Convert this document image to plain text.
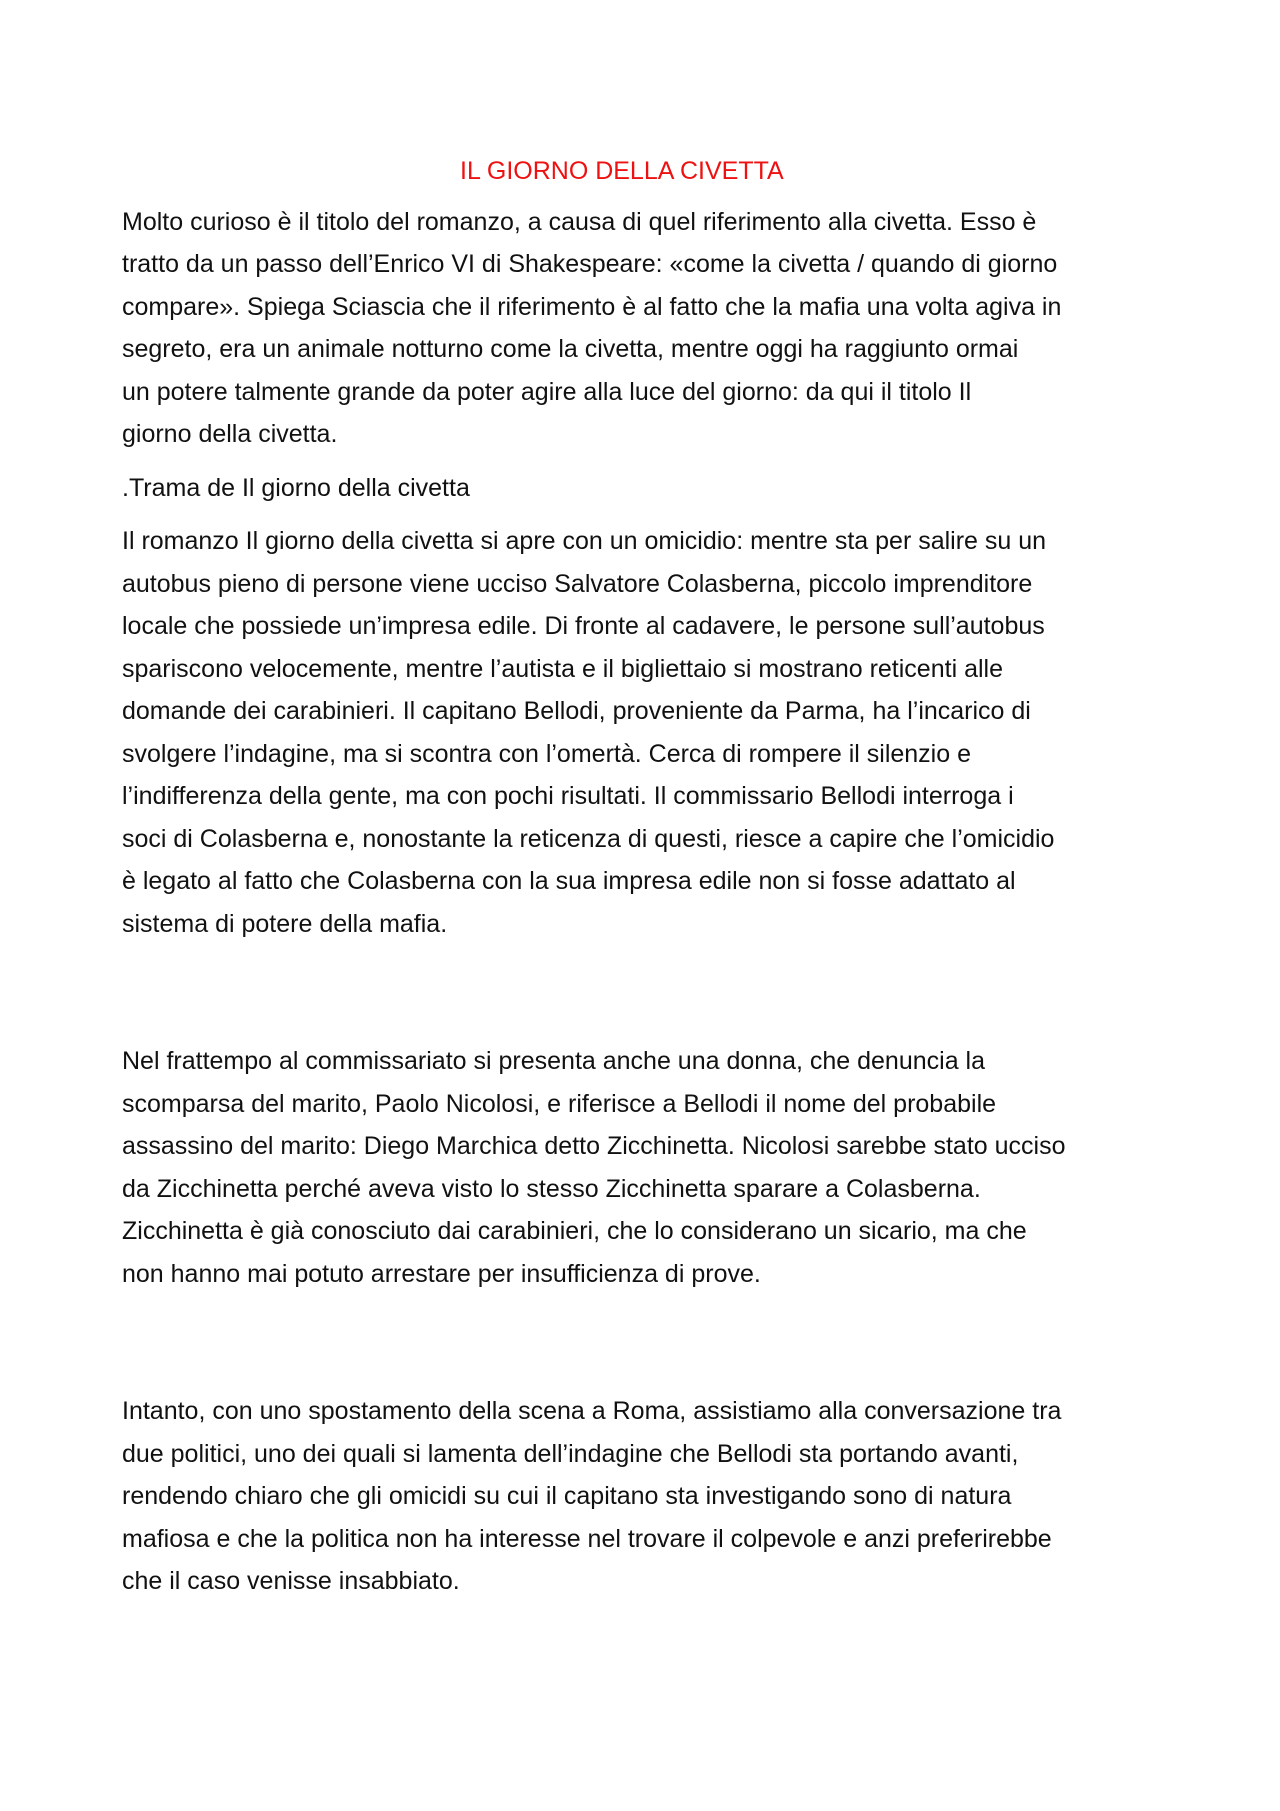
IL GIORNO DELLA CIVETTA

Molto curioso è il titolo del romanzo, a causa di quel riferimento alla civetta. Esso è
tratto da un passo dell’Enrico VI di Shakespeare: «come la civetta / quando di giorno
compare». Spiega Sciascia che il riferimento è al fatto che la mafia una volta agiva in
segreto, era un animale notturno come la civetta, mentre oggi ha raggiunto ormai
un potere talmente grande da poter agire alla luce del giorno: da qui il titolo Il
giorno della civetta.

.Trama de Il giorno della civetta

Il romanzo Il giorno della civetta si apre con un omicidio: mentre sta per salire su un
autobus pieno di persone viene ucciso Salvatore Colasberna, piccolo imprenditore
locale che possiede un’impresa edile. Di fronte al cadavere, le persone sull’autobus
spariscono velocemente, mentre l’autista e il bigliettaio si mostrano reticenti alle
domande dei carabinieri. Il capitano Bellodi, proveniente da Parma, ha l’incarico di
svolgere l’indagine, ma si scontra con l’omertà. Cerca di rompere il silenzio e
l’indifferenza della gente, ma con pochi risultati. Il commissario Bellodi interroga i
soci di Colasberna e, nonostante la reticenza di questi, riesce a capire che l’omicidio
è legato al fatto che Colasberna con la sua impresa edile non si fosse adattato al
sistema di potere della mafia.

Nel frattempo al commissariato si presenta anche una donna, che denuncia la
scomparsa del marito, Paolo Nicolosi, e riferisce a Bellodi il nome del probabile
assassino del marito: Diego Marchica detto Zicchinetta. Nicolosi sarebbe stato ucciso
da Zicchinetta perché aveva visto lo stesso Zicchinetta sparare a Colasberna.
Zicchinetta è già conosciuto dai carabinieri, che lo considerano un sicario, ma che
non hanno mai potuto arrestare per insufficienza di prove.

Intanto, con uno spostamento della scena a Roma, assistiamo alla conversazione tra
due politici, uno dei quali si lamenta dell’indagine che Bellodi sta portando avanti,
rendendo chiaro che gli omicidi su cui il capitano sta investigando sono di natura
mafiosa e che la politica non ha interesse nel trovare il colpevole e anzi preferirebbe
che il caso venisse insabbiato.
